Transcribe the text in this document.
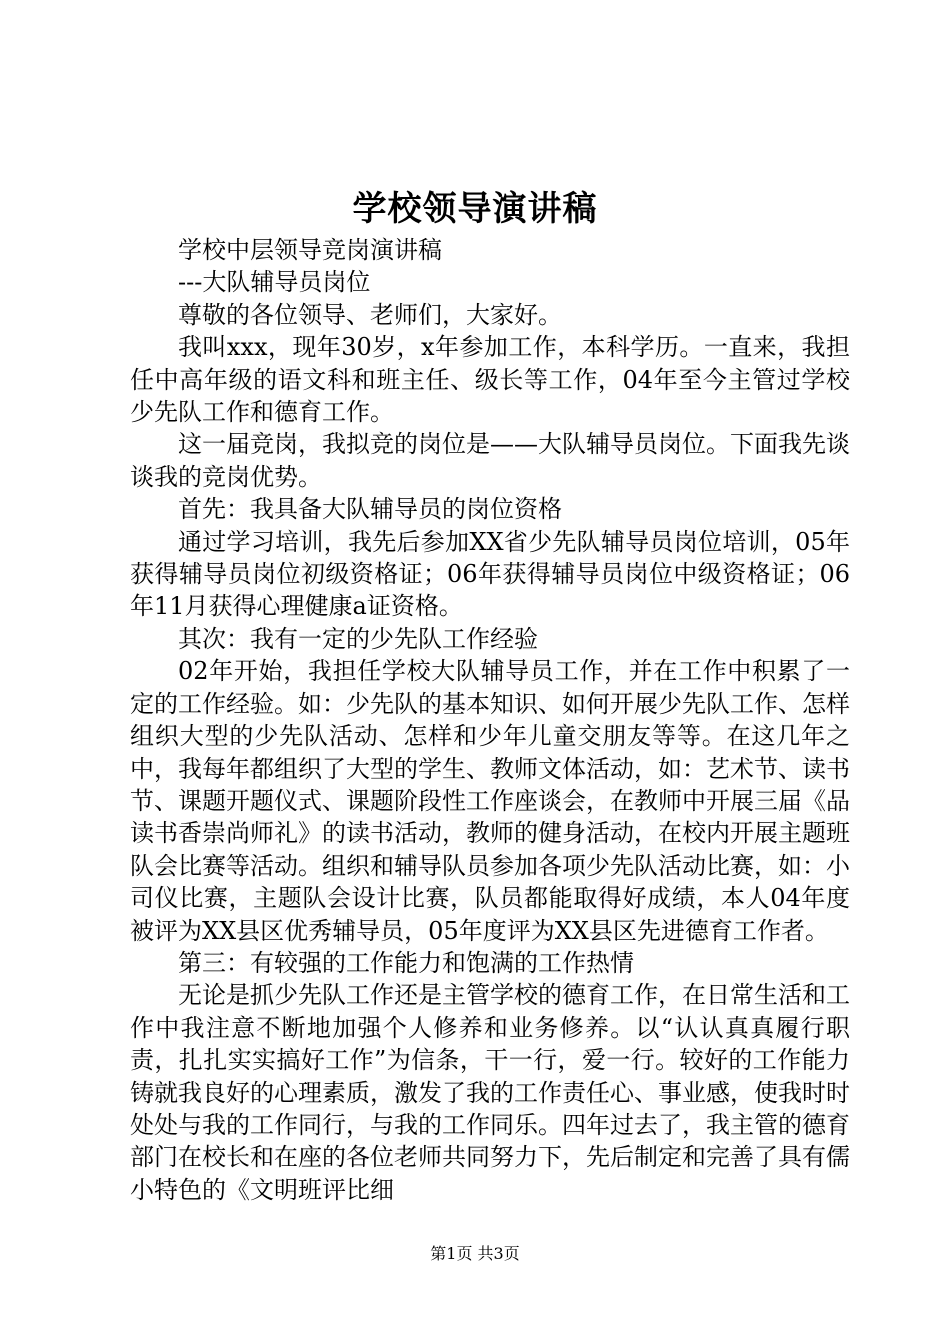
学校领导演讲稿

学校中层领导竞岗演讲稿

---大队辅导员岗位

尊敬的各位领导、老师们，大家好。

我叫xxx，现年30岁，x年参加工作，本科学历。一直来，我担任中高年级的语文科和班主任、级长等工作，04年至今主管过学校少先队工作和德育工作。

这一届竞岗，我拟竞的岗位是——大队辅导员岗位。下面我先谈谈我的竞岗优势。

首先：我具备大队辅导员的岗位资格

通过学习培训，我先后参加XX省少先队辅导员岗位培训，05年获得辅导员岗位初级资格证；06年获得辅导员岗位中级资格证；06年11月获得心理健康a证资格。

其次：我有一定的少先队工作经验

02年开始，我担任学校大队辅导员工作，并在工作中积累了一定的工作经验。如：少先队的基本知识、如何开展少先队工作、怎样组织大型的少先队活动、怎样和少年儿童交朋友等等。在这几年之中，我每年都组织了大型的学生、教师文体活动，如：艺术节、读书节、课题开题仪式、课题阶段性工作座谈会，在教师中开展三届《品读书香崇尚师礼》的读书活动，教师的健身活动，在校内开展主题班队会比赛等活动。组织和辅导队员参加各项少先队活动比赛，如：小司仪比赛，主题队会设计比赛，队员都能取得好成绩，本人04年度被评为XX县区优秀辅导员，05年度评为XX县区先进德育工作者。

第三：有较强的工作能力和饱满的工作热情

无论是抓少先队工作还是主管学校的德育工作，在日常生活和工作中我注意不断地加强个人修养和业务修养。以“认认真真履行职责，扎扎实实搞好工作”为信条，干一行，爱一行。较好的工作能力铸就我良好的心理素质，激发了我的工作责任心、事业感，使我时时处处与我的工作同行，与我的工作同乐。四年过去了，我主管的德育部门在校长和在座的各位老师共同努力下，先后制定和完善了具有儒小特色的《文明班评比细

第1页 共3页
